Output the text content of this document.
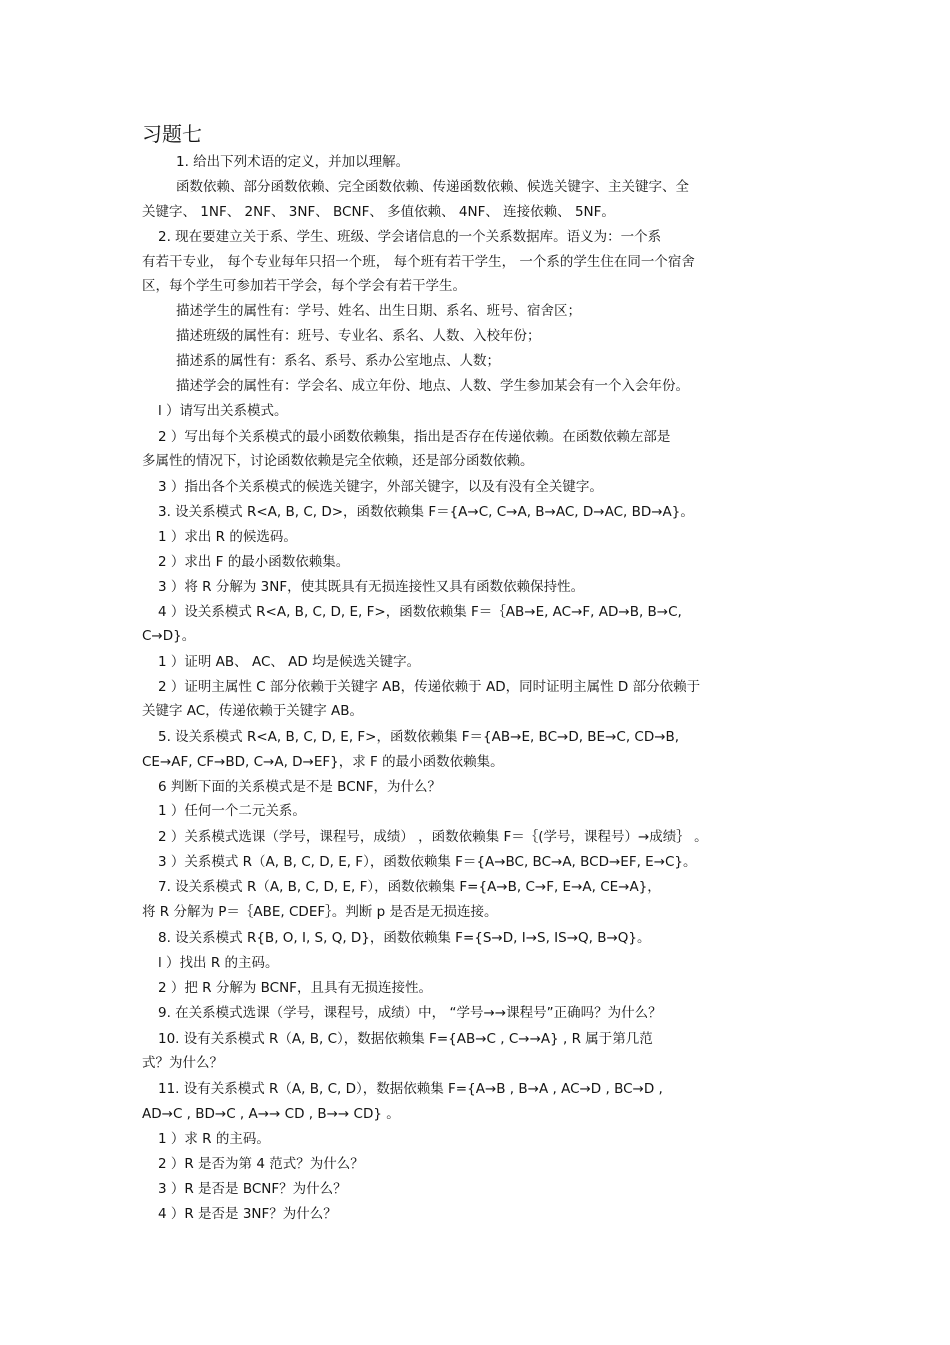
习题七
1. 给出下列术语的定义，并加以理解。
函数依赖、部分函数依赖、完全函数依赖、传递函数依赖、候选关键字、主关键字、全
关键字、 1NF、 2NF、 3NF、 BCNF、 多值依赖、 4NF、 连接依赖、 5NF。
2. 现在要建立关于系、学生、班级、学会诸信息的一个关系数据库。语义为：一个系
有若干专业， 每个专业每年只招一个班， 每个班有若干学生， 一个系的学生住在同一个宿舍
区，每个学生可参加若干学会，每个学会有若干学生。
描述学生的属性有：学号、姓名、出生日期、系名、班号、宿舍区；
描述班级的属性有：班号、专业名、系名、人数、入校年份；
描述系的属性有：系名、系号、系办公室地点、人数；
描述学会的属性有：学会名、成立年份、地点、人数、学生参加某会有一个入会年份。
l ）请写出关系模式。
2 ）写出每个关系模式的最小函数依赖集，指出是否存在传递依赖。在函数依赖左部是
多属性的情况下，讨论函数依赖是完全依赖，还是部分函数依赖。
3 ）指出各个关系模式的候选关键字，外部关键字，以及有没有全关键字。
3. 设关系模式 R<A, B, C, D>，函数依赖集 F＝{A→C, C→A, B→AC, D→AC, BD→A}。
1 ）求出 R 的候选码。
2 ）求出 F 的最小函数依赖集。
3 ）将 R 分解为 3NF，使其既具有无损连接性又具有函数依赖保持性。
4 ）设关系模式 R<A, B, C, D, E, F>，函数依赖集 F＝｛AB→E, AC→F, AD→B, B→C,
C→D}。
1 ）证明 AB、 AC、 AD 均是候选关键字。
2 ）证明主属性 C 部分依赖于关键字 AB，传递依赖于 AD，同时证明主属性 D 部分依赖于
关键字 AC，传递依赖于关键字 AB。
5. 设关系模式 R<A, B, C, D, E, F>，函数依赖集 F＝{AB→E, BC→D, BE→C, CD→B,
CE→AF, CF→BD, C→A, D→EF}，求 F 的最小函数依赖集。
6 判断下面的关系模式是不是 BCNF，为什么？
1 ）任何一个二元关系。
2 ）关系模式选课（学号，课程号，成绩） ，函数依赖集 F＝｛(学号，课程号）→成绩｝ 。
3 ）关系模式 R（A, B, C, D, E, F），函数依赖集 F＝{A→BC, BC→A, BCD→EF, E→C}。
7. 设关系模式 R（A, B, C, D, E, F），函数依赖集 F={A→B, C→F, E→A, CE→A}，
将 R 分解为 P＝｛ABE, CDEF｝。判断 p 是否是无损连接。
8. 设关系模式 R{B, O, I, S, Q, D}，函数依赖集 F={S→D, I→S, IS→Q, B→Q}。
l ）找出 R 的主码。
2 ）把 R 分解为 BCNF，且具有无损连接性。
9. 在关系模式选课（学号，课程号，成绩）中， “学号→→课程号”正确吗？为什么？
10. 设有关系模式 R（A, B, C），数据依赖集 F={AB→C , C→→A} , R 属于第几范
式？为什么？
11. 设有关系模式 R（A, B, C, D），数据依赖集 F={A→B , B→A , AC→D , BC→D ,
AD→C , BD→C , A→→ CD , B→→ CD} 。
1 ）求 R 的主码。
2 ）R 是否为第 4 范式？为什么？
3 ）R 是否是 BCNF？为什么？
4 ）R 是否是 3NF？为什么？
